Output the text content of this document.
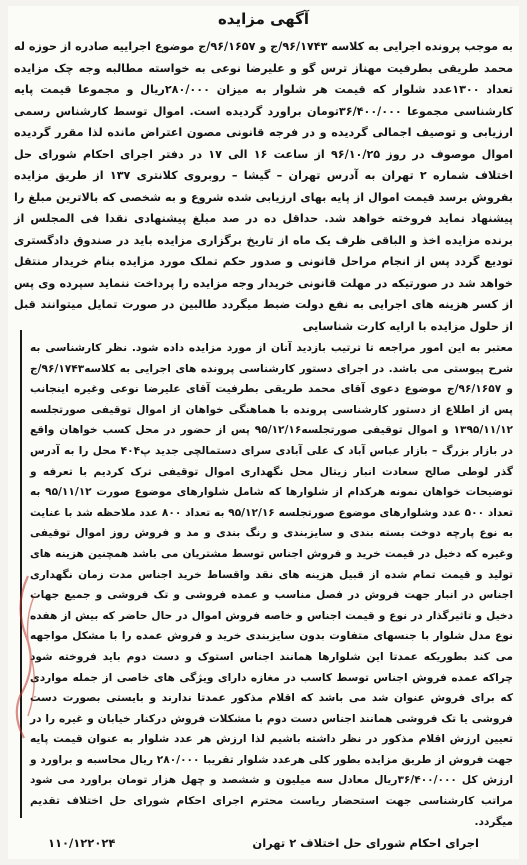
آگهی مزایده

به موجب پرونده اجرایی به کلاسه ۹۶/۱۷۴۳/ج و ۹۶/۱۶۵۷/ج موضوع اجراییه صادره از حوزه له محمد طریقی بطرفیت مهناز ترس گو و علیرضا نوعی به خواسته مطالبه وجه چک مزایده تعداد ۱۳۰۰عدد شلوار که قیمت هر شلوار به میزان ۲۸۰/۰۰۰ریال و مجموعا قیمت پایه کارشناسی مجموعا ۳۶/۴۰۰/۰۰۰تومان براورد گردیده است. اموال توسط کارشناس رسمی ارزیابی و توصیف اجمالی گردیده و در فرجه قانونی مصون اعتراض مانده لذا مقرر گردیده اموال موصوف در روز ۹۶/۱۰/۲۵ از ساعت ۱۶ الی ۱۷ در دفتر اجرای احکام شورای حل اختلاف شماره ۲ تهران به آدرس تهران – گیشا – روبروی کلانتری ۱۳۷ از طریق مزایده بفروش برسد قیمت اموال از پایه بهای ارزیابی شده شروع و به شخصی که بالاترین مبلغ را پیشنهاد نماید فروخته خواهد شد. حداقل ده در صد مبلغ پیشنهادی نقدا فی المجلس از برنده مزایده اخذ و الباقی ظرف یک ماه از تاریخ برگزاری مزایده باید در صندوق دادگستری تودیع گردد پس از انجام مراحل قانونی و صدور حکم تملک مورد مزایده بنام خریدار منتقل خواهد شد در صورتیکه در مهلت قانونی خریدار وجه مزایده را پرداخت ننماید سپرده وی پس از کسر هزینه های اجرایی به نفع دولت ضبط میگردد طالبین در صورت تمایل میتوانند قبل از حلول مزایده با ارایه کارت شناسایی

معتبر به این امور مراجعه تا ترتیب بازدید آنان از مورد مزایده داده شود. نظر کارشناسی به شرح پیوستی می باشد. در اجرای دستور کارشناسی پرونده های اجرایی به کلاسه۹۶/۱۷۴۳/ج و ۹۶/۱۶۵۷/ج موضوع دعوی آقای محمد طریقی بطرفیت آقای علیرضا نوعی وغیره اینجانب پس از اطلاع از دستور کارشناسی پرونده با هماهنگی خواهان از اموال توقیفی صورتجلسه ۱۳۹۵/۱۱/۱۲ و اموال توقیفی صورتجلسه۹۵/۱۲/۱۶ پس از حضور در محل کسب خواهان واقع در بازار بزرگ – بازار عباس آباد ک علی آبادی سرای دستمالچی جدید پ۴۰۴ محل را به آدرس گذر لوطی صالح سعادت انبار زیتال محل نگهداری اموال توقیفی ترک کردیم با تعرفه و توضیحات خواهان نمونه هرکدام از شلوارها که شامل شلوارهای موضوع صورت ۹۵/۱۱/۱۲ به تعداد ۵۰۰ عدد وشلوارهای موضوع صورتجلسه ۹۵/۱۲/۱۶ به تعداد ۸۰۰ عدد ملاحظه شد با عنایت به نوع پارچه دوخت بسته بندی و سایزبندی و رنگ بندی و مد و فروش روز اموال توقیفی وغیره که دخیل در قیمت خرید و فروش اجناس توسط مشتریان می باشد همچنین هزینه های تولید و قیمت تمام شده از قبیل هزینه های نقد واقساط خرید اجناس مدت زمان نگهداری اجناس در انبار جهت فروش در فصل مناسب و عمده فروشی و تک فروشی و جمیع جهات دخیل و تاثیرگذار در نوع و قیمت اجناس و خاصه فروش اموال در حال حاضر که بیش از هفده نوع مدل شلوار با جنسهای متفاوت بدون سایزبندی خرید و فروش عمده را با مشکل مواجهه می کند بطوریکه عمدتا این شلوارها همانند اجناس استوک و دست دوم باید فروخته شود چراکه عمده فروش اجناس توسط کاسب در مغازه دارای ویژگی های خاصی از جمله مواردی که برای فروش عنوان شد می باشد که اقلام مذکور عمدتا ندارند و بایستی بصورت دست فروشی یا تک فروشی همانند اجناس دست دوم با مشکلات فروش درکنار خیابان و غیره را در تعیین ارزش اقلام مذکور در نظر داشته باشیم لذا ارزش هر عدد شلوار به عنوان قیمت پایه جهت فروش از طریق مزایده بطور کلی هرعدد شلوار تقریبا ۲۸۰/۰۰۰ ریال محاسبه و براورد و ارزش کل ۳۶/۴۰۰/۰۰۰ریال معادل سه میلیون و ششصد و چهل هزار تومان براورد می شود مراتب کارشناسی جهت استحضار ریاست محترم اجرای احکام شورای حل اختلاف تقدیم میگردد.

اجرای احکام شورای حل اختلاف ۲ تهران
۱۱۰/۱۲۲۰۲۴
